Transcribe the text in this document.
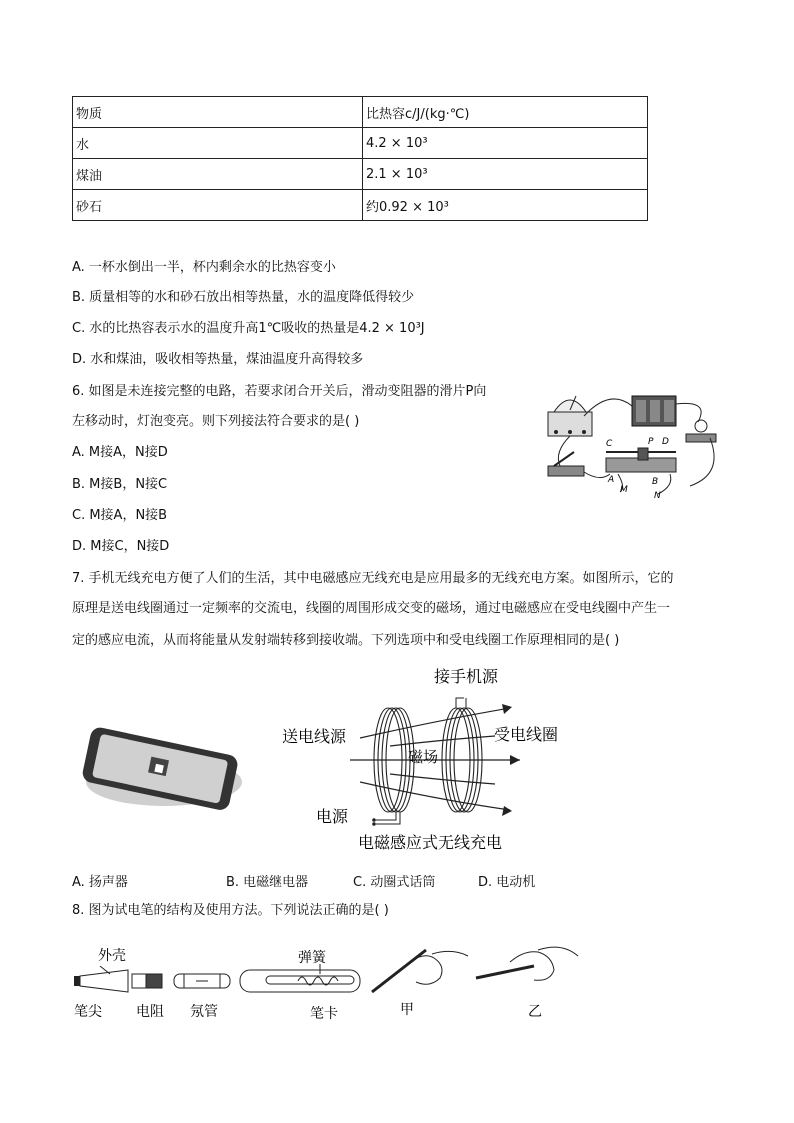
物质	比热容c/J/(kg·℃)
水	4.2 × 10³
煤油	2.1 × 10³
砂石	约0.92 × 10³
A. 一杯水倒出一半，杯内剩余水的比热容变小
B. 质量相等的水和砂石放出相等热量，水的温度降低得较少
C. 水的比热容表示水的温度升高1℃吸收的热量是4.2 × 10³J
D. 水和煤油，吸收相等热量，煤油温度升高得较多
6. 如图是未连接完整的电路，若要求闭合开关后，滑动变阻器的滑片P向
左移动时，灯泡变亮。则下列接法符合要求的是( )
A. M接A，N接D
B. M接B，N接C
C. M接A，N接B
D. M接C，N接D
C	P D
A	B
M
N
7. 手机无线充电方便了人们的生活，其中电磁感应无线充电是应用最多的无线充电方案。如图所示，它的
原理是送电线圈通过一定频率的交流电，线圈的周围形成交变的磁场，通过电磁感应在受电线圈中产生一
定的感应电流，从而将能量从发射端转移到接收端。下列选项中和受电线圈工作原理相同的是( )
接手机源
送电线源	受电线圈
磁场
电源
电磁感应式无线充电
A. 扬声器	B. 电磁继电器	C. 动圈式话筒	D. 电动机
8. 图为试电笔的结构及使用方法。下列说法正确的是( )
外壳	弹簧
笔尖 电阻 氖管	笔卡	甲	乙
